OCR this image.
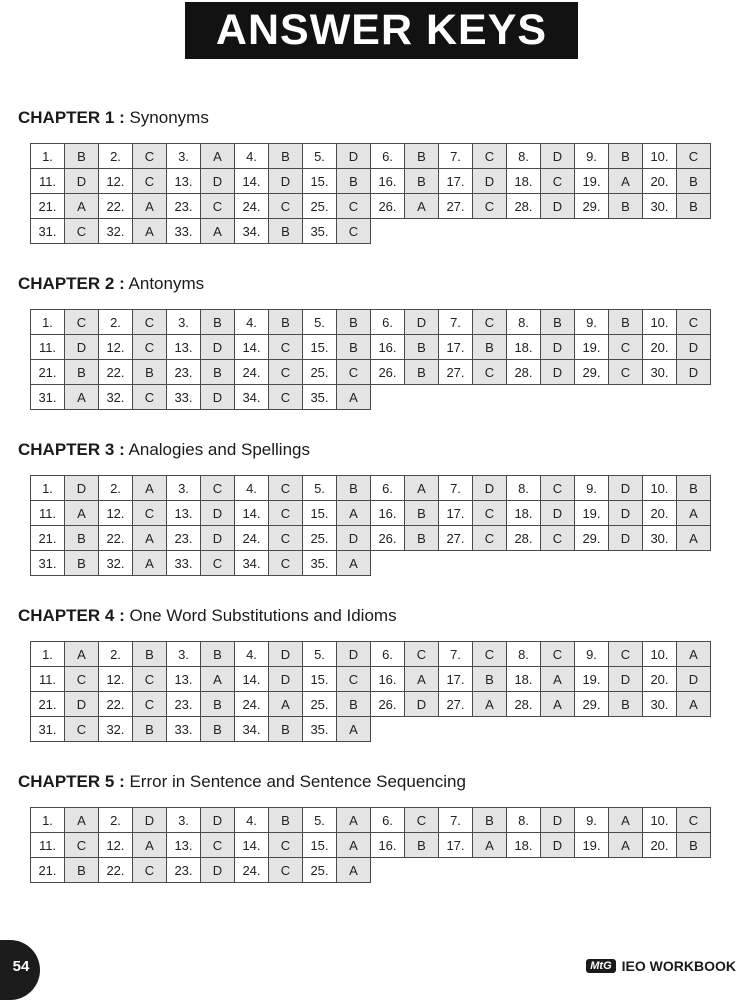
ANSWER KEYS
CHAPTER 1 : Synonyms
1.	B	2.	C	3.	A	4.	B	5.	D	6.	B	7.	C	8.	D	9.	B	10.	C
11.	D	12.	C	13.	D	14.	D	15.	B	16.	B	17.	D	18.	C	19.	A	20.	B
21.	A	22.	A	23.	C	24.	C	25.	C	26.	A	27.	C	28.	D	29.	B	30.	B
31.	C	32.	A	33.	A	34.	B	35.	C										
CHAPTER 2 : Antonyms
1.	C	2.	C	3.	B	4.	B	5.	B	6.	D	7.	C	8.	B	9.	B	10.	C
11.	D	12.	C	13.	D	14.	C	15.	B	16.	B	17.	B	18.	D	19.	C	20.	D
21.	B	22.	B	23.	B	24.	C	25.	C	26.	B	27.	C	28.	D	29.	C	30.	D
31.	A	32.	C	33.	D	34.	C	35.	A										
CHAPTER 3 : Analogies and Spellings
1.	D	2.	A	3.	C	4.	C	5.	B	6.	A	7.	D	8.	C	9.	D	10.	B
11.	A	12.	C	13.	D	14.	C	15.	A	16.	B	17.	C	18.	D	19.	D	20.	A
21.	B	22.	A	23.	D	24.	C	25.	D	26.	B	27.	C	28.	C	29.	D	30.	A
31.	B	32.	A	33.	C	34.	C	35.	A										
CHAPTER 4 : One Word Substitutions and Idioms
1.	A	2.	B	3.	B	4.	D	5.	D	6.	C	7.	C	8.	C	9.	C	10.	A
11.	C	12.	C	13.	A	14.	D	15.	C	16.	A	17.	B	18.	A	19.	D	20.	D
21.	D	22.	C	23.	B	24.	A	25.	B	26.	D	27.	A	28.	A	29.	B	30.	A
31.	C	32.	B	33.	B	34.	B	35.	A										
CHAPTER 5 : Error in Sentence and Sentence Sequencing
1.	A	2.	D	3.	D	4.	B	5.	A	6.	C	7.	B	8.	D	9.	A	10.	C
11.	C	12.	A	13.	C	14.	C	15.	A	16.	B	17.	A	18.	D	19.	A	20.	B
21.	B	22.	C	23.	D	24.	C	25.	A										
54	MtG IEO WORKBOOK
